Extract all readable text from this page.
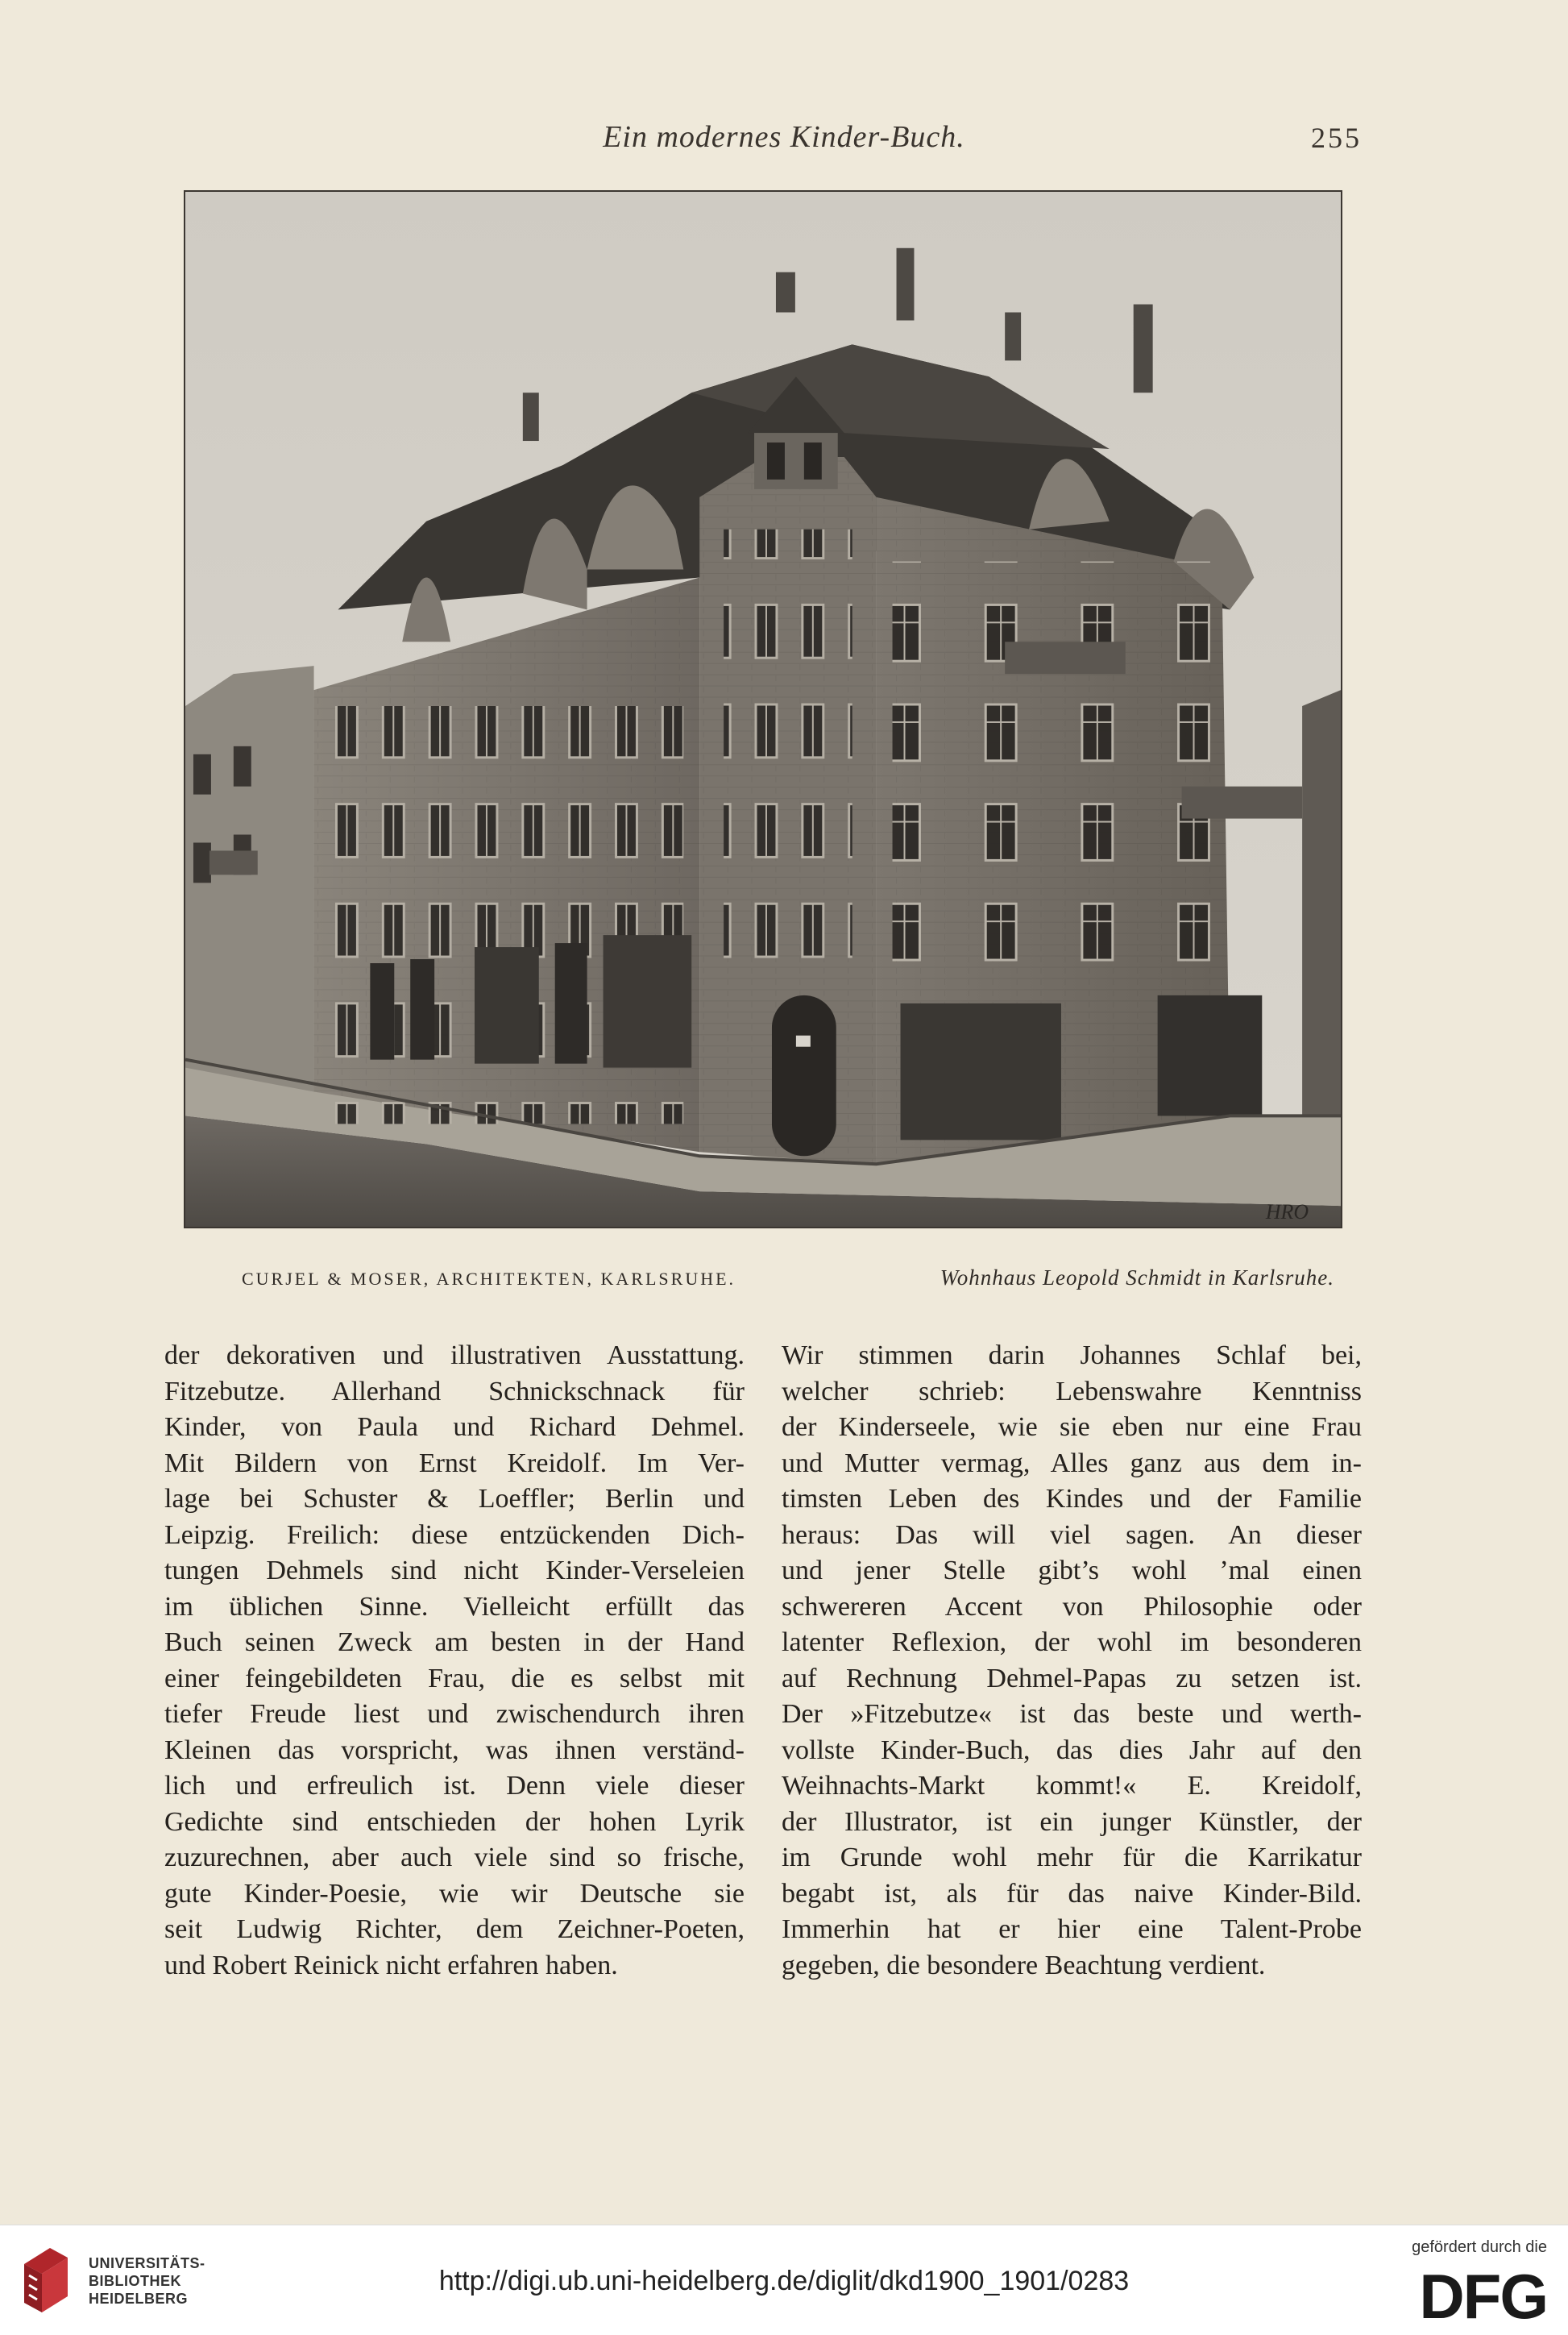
Ein modernes Kinder-Buch.	255
HRO
CURJEL & MOSER, ARCHITEKTEN, KARLSRUHE.	Wohnhaus Leopold Schmidt in Karlsruhe.
der dekorativen und illustrativen Ausstattung.
Fitzebutze. Allerhand Schnickschnack für
Kinder, von Paula und Richard Dehmel.
Mit Bildern von Ernst Kreidolf. Im Ver-
lage bei Schuster & Loeffler; Berlin und
Leipzig. Freilich: diese entzückenden Dich-
tungen Dehmels sind nicht Kinder-Verseleien
im üblichen Sinne. Vielleicht erfüllt das
Buch seinen Zweck am besten in der Hand
einer feingebildeten Frau, die es selbst mit
tiefer Freude liest und zwischendurch ihren
Kleinen das vorspricht, was ihnen verständ-
lich und erfreulich ist. Denn viele dieser
Gedichte sind entschieden der hohen Lyrik
zuzurechnen, aber auch viele sind so frische,
gute Kinder-Poesie, wie wir Deutsche sie
seit Ludwig Richter, dem Zeichner-Poeten,
und Robert Reinick nicht erfahren haben.
Wir stimmen darin Johannes Schlaf bei,
welcher schrieb: Lebenswahre Kenntniss
der Kinderseele, wie sie eben nur eine Frau
und Mutter vermag, Alles ganz aus dem in-
timsten Leben des Kindes und der Familie
heraus: Das will viel sagen. An dieser
und jener Stelle gibt’s wohl ’mal einen
schwereren Accent von Philosophie oder
latenter Reflexion, der wohl im besonderen
auf Rechnung Dehmel-Papas zu setzen ist.
Der »Fitzebutze« ist das beste und werth-
vollste Kinder-Buch, das dies Jahr auf den
Weihnachts-Markt kommt!« E. Kreidolf,
der Illustrator, ist ein junger Künstler, der
im Grunde wohl mehr für die Karrikatur
begabt ist, als für das naive Kinder-Bild.
Immerhin hat er hier eine Talent-Probe
gegeben, die besondere Beachtung verdient.
UNIVERSITÄTS-
BIBLIOTHEK
HEIDELBERG
http://digi.ub.uni-heidelberg.de/diglit/dkd1900_1901/0283
gefördert durch die
DFG
